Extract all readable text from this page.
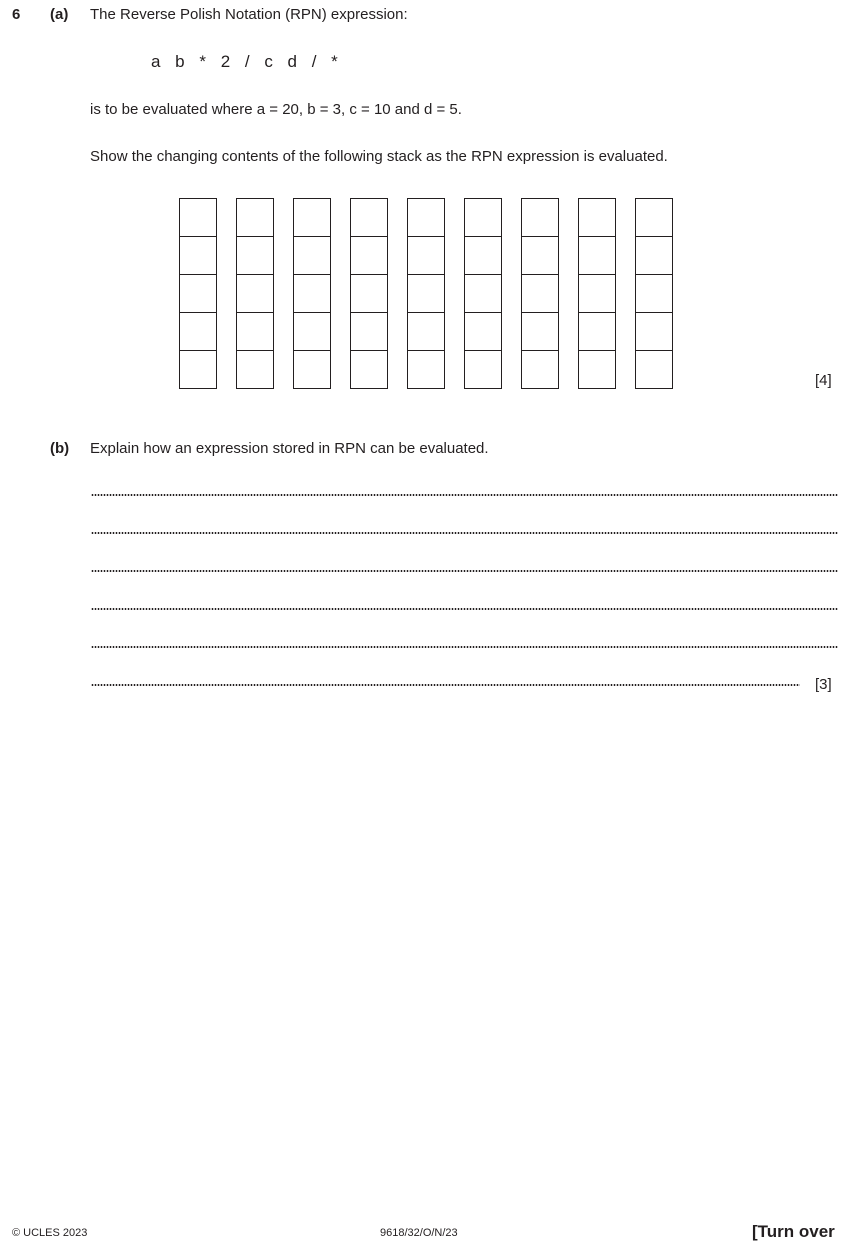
6 (a) The Reverse Polish Notation (RPN) expression:
a b * 2 / c d / *
is to be evaluated where a = 20, b = 3, c = 10 and d = 5.
Show the changing contents of the following stack as the RPN expression is evaluated.
[4]
(b) Explain how an expression stored in RPN can be evaluated.
[3]
© UCLES 2023	9618/32/O/N/23	[Turn over
